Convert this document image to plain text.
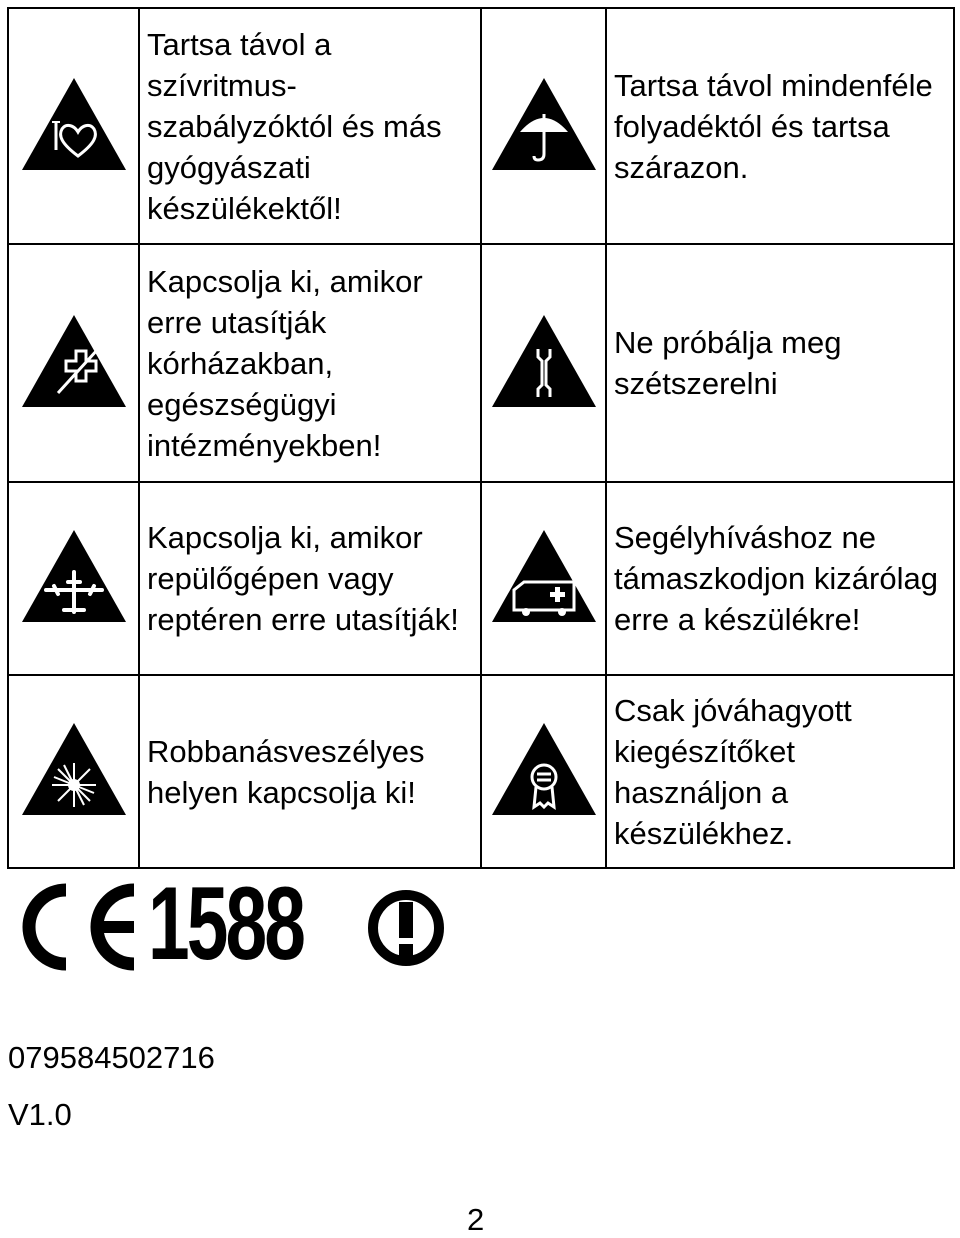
	Tartsa távol a szívritmus-szabályzóktól és más gyógyászati készülékektől!		Tartsa távol mindenféle folyadéktól és tartsa szárazon.

	Kapcsolja ki, amikor erre utasítják kórházakban, egészségügyi intézményekben!		Ne próbálja meg szétszerelni

	Kapcsolja ki, amikor repülőgépen vagy reptéren erre utasítják!		Segélyhíváshoz ne támaszkodjon kizárólag erre a készülékre!

	Robbanásveszélyes helyen kapcsolja ki!		Csak jóváhagyott kiegészítőket használjon a készülékhez.
1588
079584502716
V1.0
2
